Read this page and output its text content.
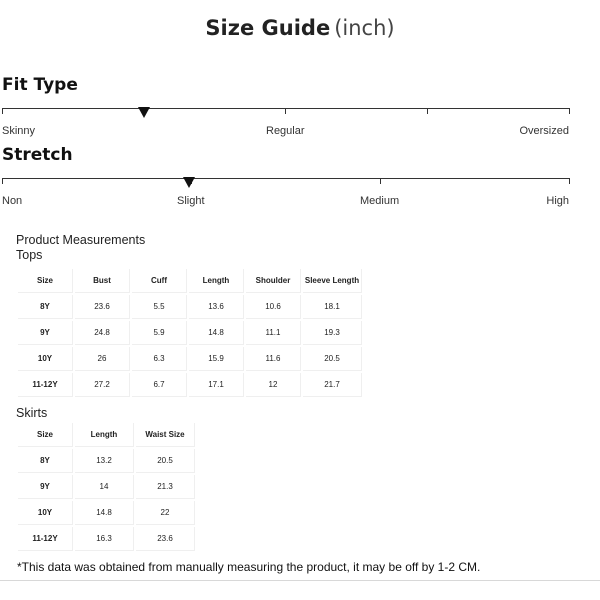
Size Guide (inch)
Fit Type
Skinny	Regular	Oversized
Stretch
Non	Slight	Medium	High
Product Measurements
Tops
Size	Bust	Cuff	Length	Shoulder	Sleeve Length
8Y	23.6	5.5	13.6	10.6	18.1
9Y	24.8	5.9	14.8	11.1	19.3
10Y	26	6.3	15.9	11.6	20.5
11-12Y	27.2	6.7	17.1	12	21.7
Skirts
Size	Length	Waist Size
8Y	13.2	20.5
9Y	14	21.3
10Y	14.8	22
11-12Y	16.3	23.6
*This data was obtained from manually measuring the product, it may be off by 1-2 CM.
